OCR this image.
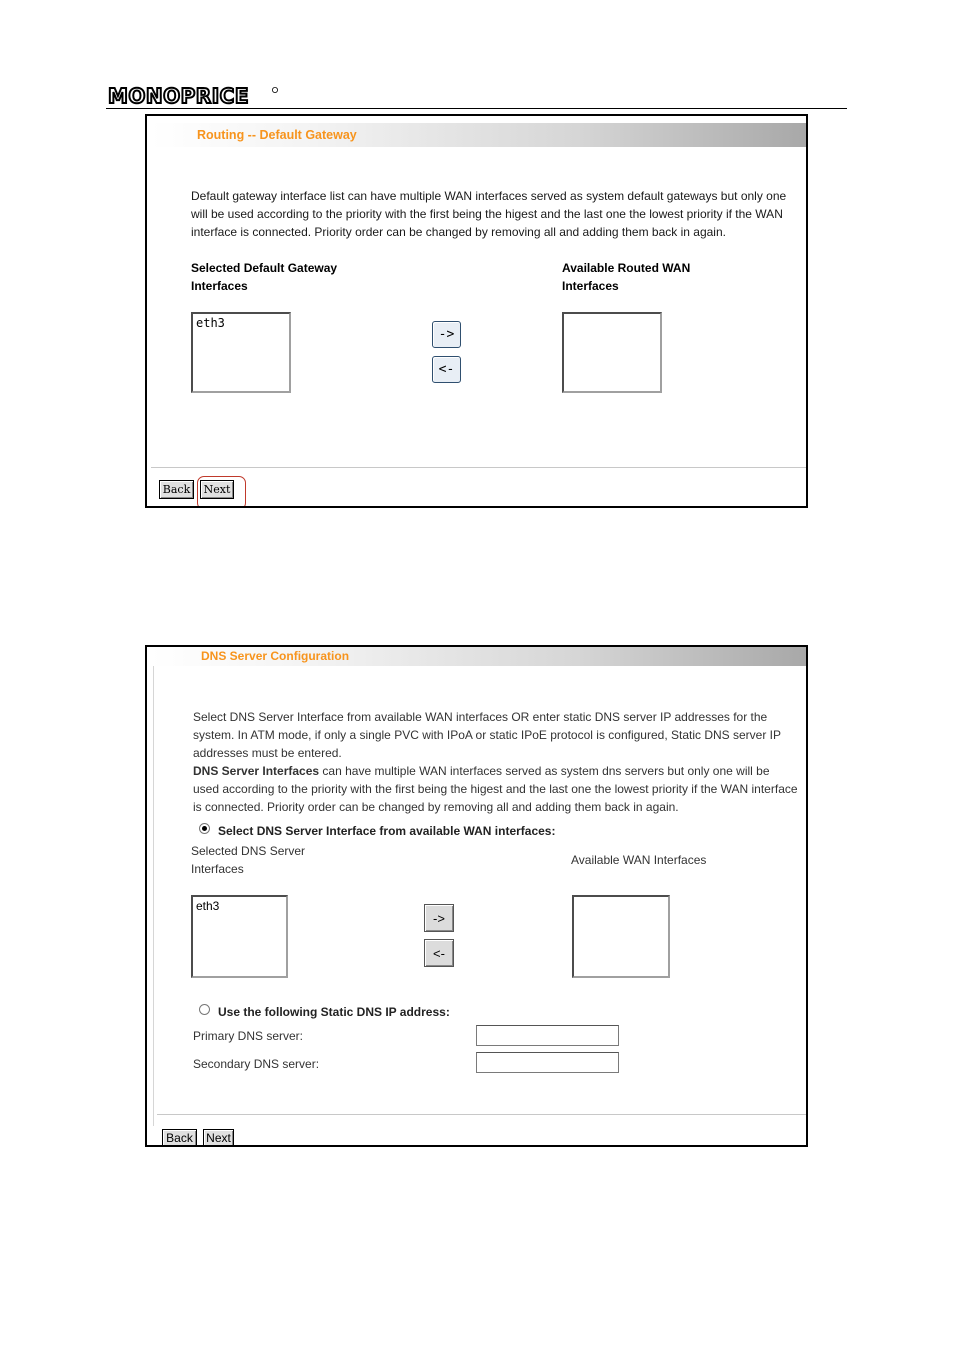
MONOPRICE
Routing -- Default Gateway
Default gateway interface list can have multiple WAN interfaces served as system default gateways but only one
will be used according to the priority with the first being the higest and the last one the lowest priority if the WAN
interface is connected. Priority order can be changed by removing all and adding them back in again.
Selected Default Gateway
Interfaces
Available Routed WAN
Interfaces
eth3
->
<-
Back	Next
DNS Server Configuration
Select DNS Server Interface from available WAN interfaces OR enter static DNS server IP addresses for the
system. In ATM mode, if only a single PVC with IPoA or static IPoE protocol is configured, Static DNS server IP
addresses must be entered.
DNS Server Interfaces can have multiple WAN interfaces served as system dns servers but only one will be
used according to the priority with the first being the higest and the last one the lowest priority if the WAN interface
is connected. Priority order can be changed by removing all and adding them back in again.
Select DNS Server Interface from available WAN interfaces:
Selected DNS Server
Interfaces
Available WAN Interfaces
eth3
->
<-
Use the following Static DNS IP address:
Primary DNS server:
Secondary DNS server:
Back	Next
